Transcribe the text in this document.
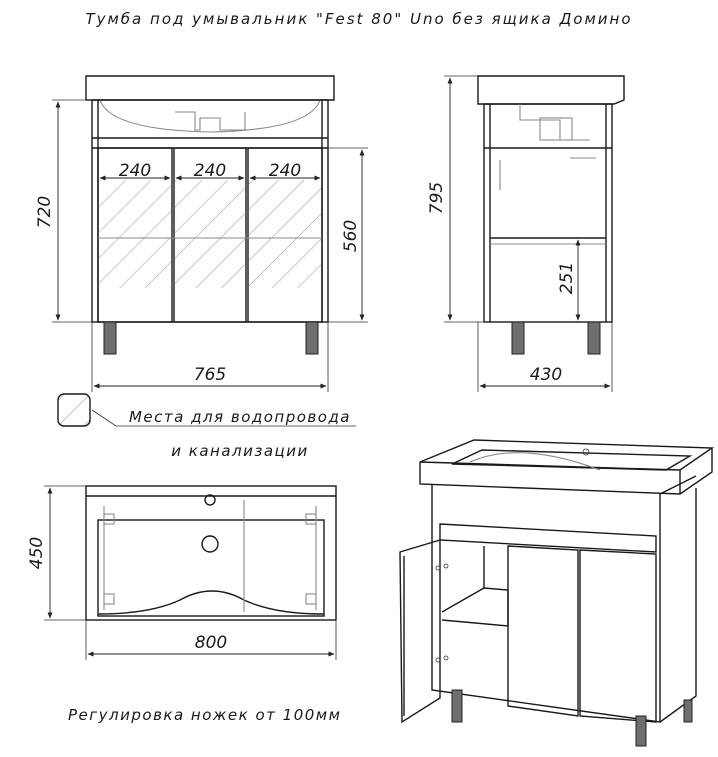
Тумба под умывальник "Fest 80" Uno без ящика Домино
240	240	240
720
560
765
795
251
430
Места для водопровода
и канализации
450
800
Регулировка ножек от 100мм
